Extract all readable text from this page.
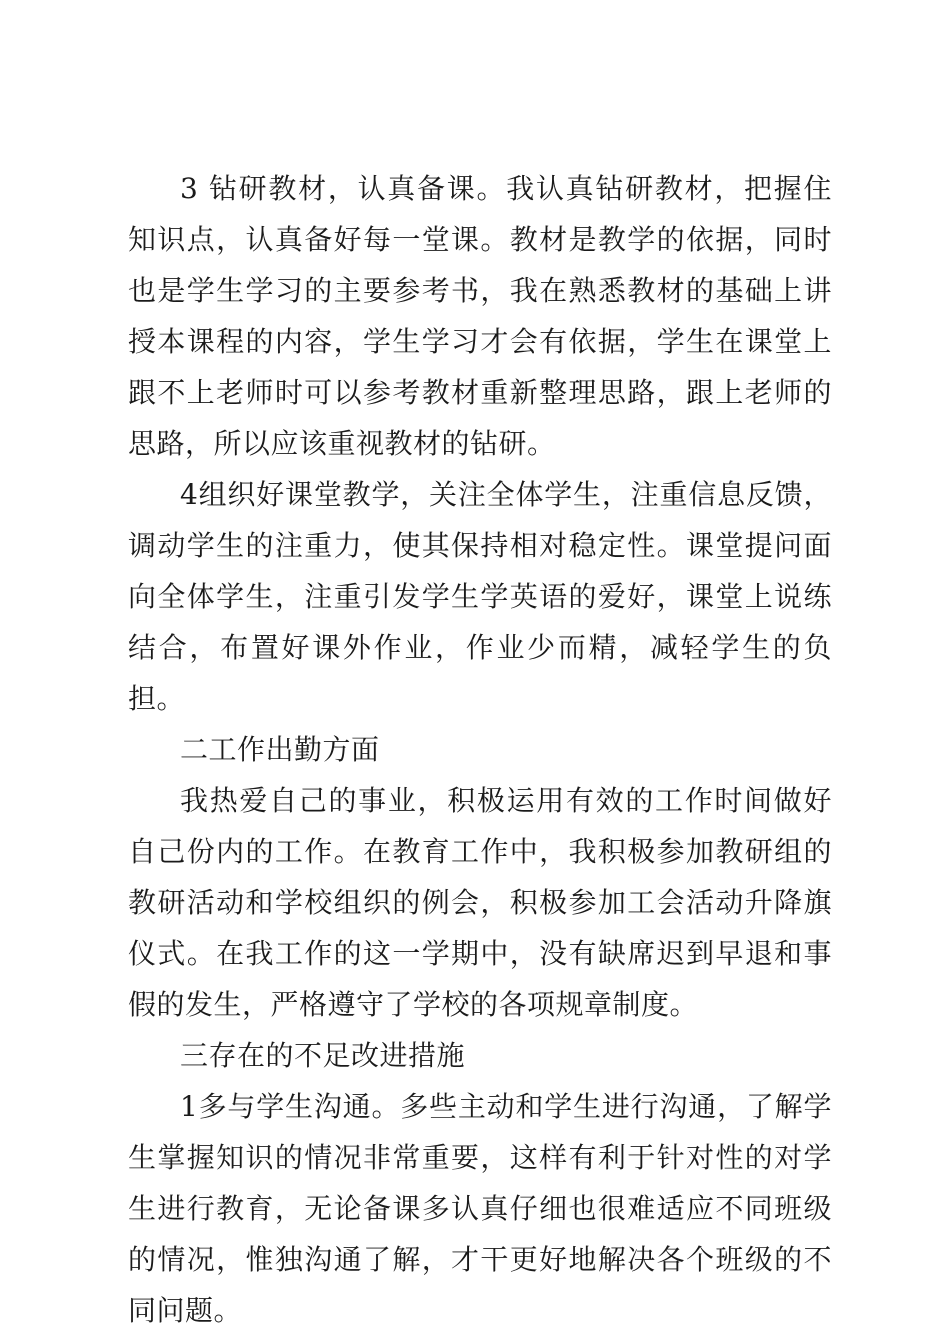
3 钻研教材，认真备课。我认真钻研教材，把握住知识点，认真备好每一堂课。教材是教学的依据，同时也是学生学习的主要参考书，我在熟悉教材的基础上讲授本课程的内容，学生学习才会有依据，学生在课堂上跟不上老师时可以参考教材重新整理思路，跟上老师的思路，所以应该重视教材的钻研。

4组织好课堂教学，关注全体学生，注重信息反馈，调动学生的注重力，使其保持相对稳定性。课堂提问面向全体学生，注重引发学生学英语的爱好，课堂上说练结合，布置好课外作业，作业少而精，减轻学生的负担。

二工作出勤方面

我热爱自己的事业，积极运用有效的工作时间做好自己份内的工作。在教育工作中，我积极参加教研组的教研活动和学校组织的例会，积极参加工会活动升降旗仪式。在我工作的这一学期中，没有缺席迟到早退和事假的发生，严格遵守了学校的各项规章制度。

三存在的不足改进措施

1多与学生沟通。多些主动和学生进行沟通，了解学生掌握知识的情况非常重要，这样有利于针对性的对学生进行教育，无论备课多认真仔细也很难适应不同班级的情况，惟独沟通了解，才干更好地解决各个班级的不同问题。
